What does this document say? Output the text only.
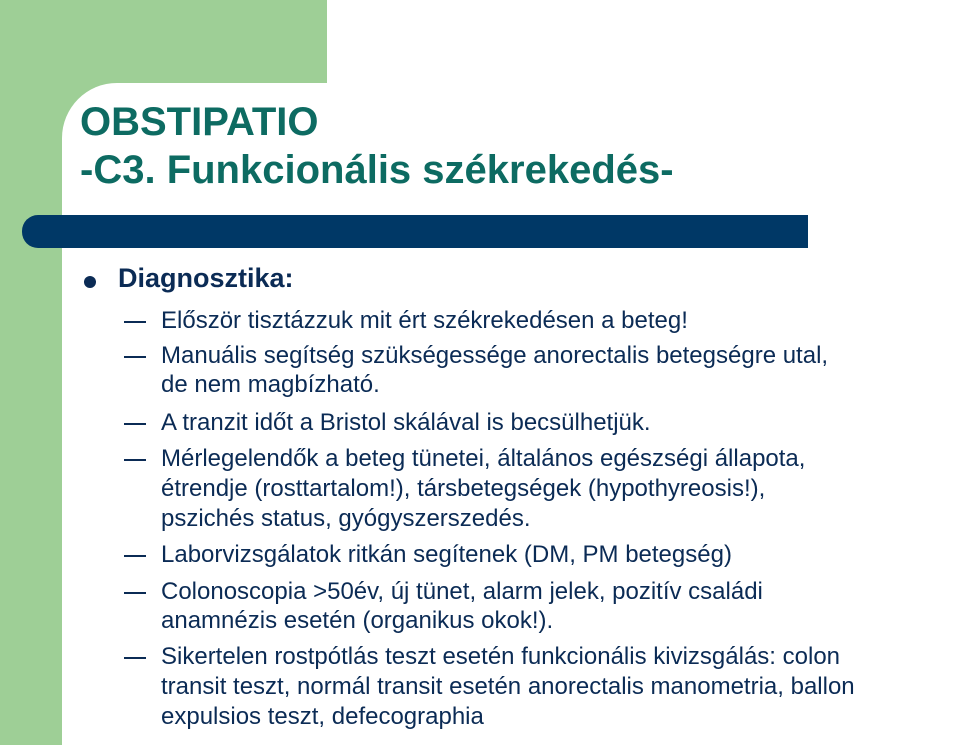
OBSTIPATIO
-C3. Funkcionális székrekedés-
Diagnosztika:

Először tisztázzuk mit ért székrekedésen a beteg!

Manuális segítség szükségessége anorectalis betegségre utal,

de nem magbízható.

A tranzit időt a Bristol skálával is becsülhetjük.

Mérlegelendők a beteg tünetei, általános egészségi állapota,

étrendje (rosttartalom!), társbetegségek (hypothyreosis!),

pszichés status, gyógyszerszedés.

Laborvizsgálatok ritkán segítenek (DM, PM betegség)

Colonoscopia >50év, új tünet, alarm jelek, pozitív családi

anamnézis esetén (organikus okok!).

Sikertelen rostpótlás teszt esetén funkcionális kivizsgálás: colon

transit teszt, normál transit esetén anorectalis manometria, ballon

expulsios teszt, defecographia
